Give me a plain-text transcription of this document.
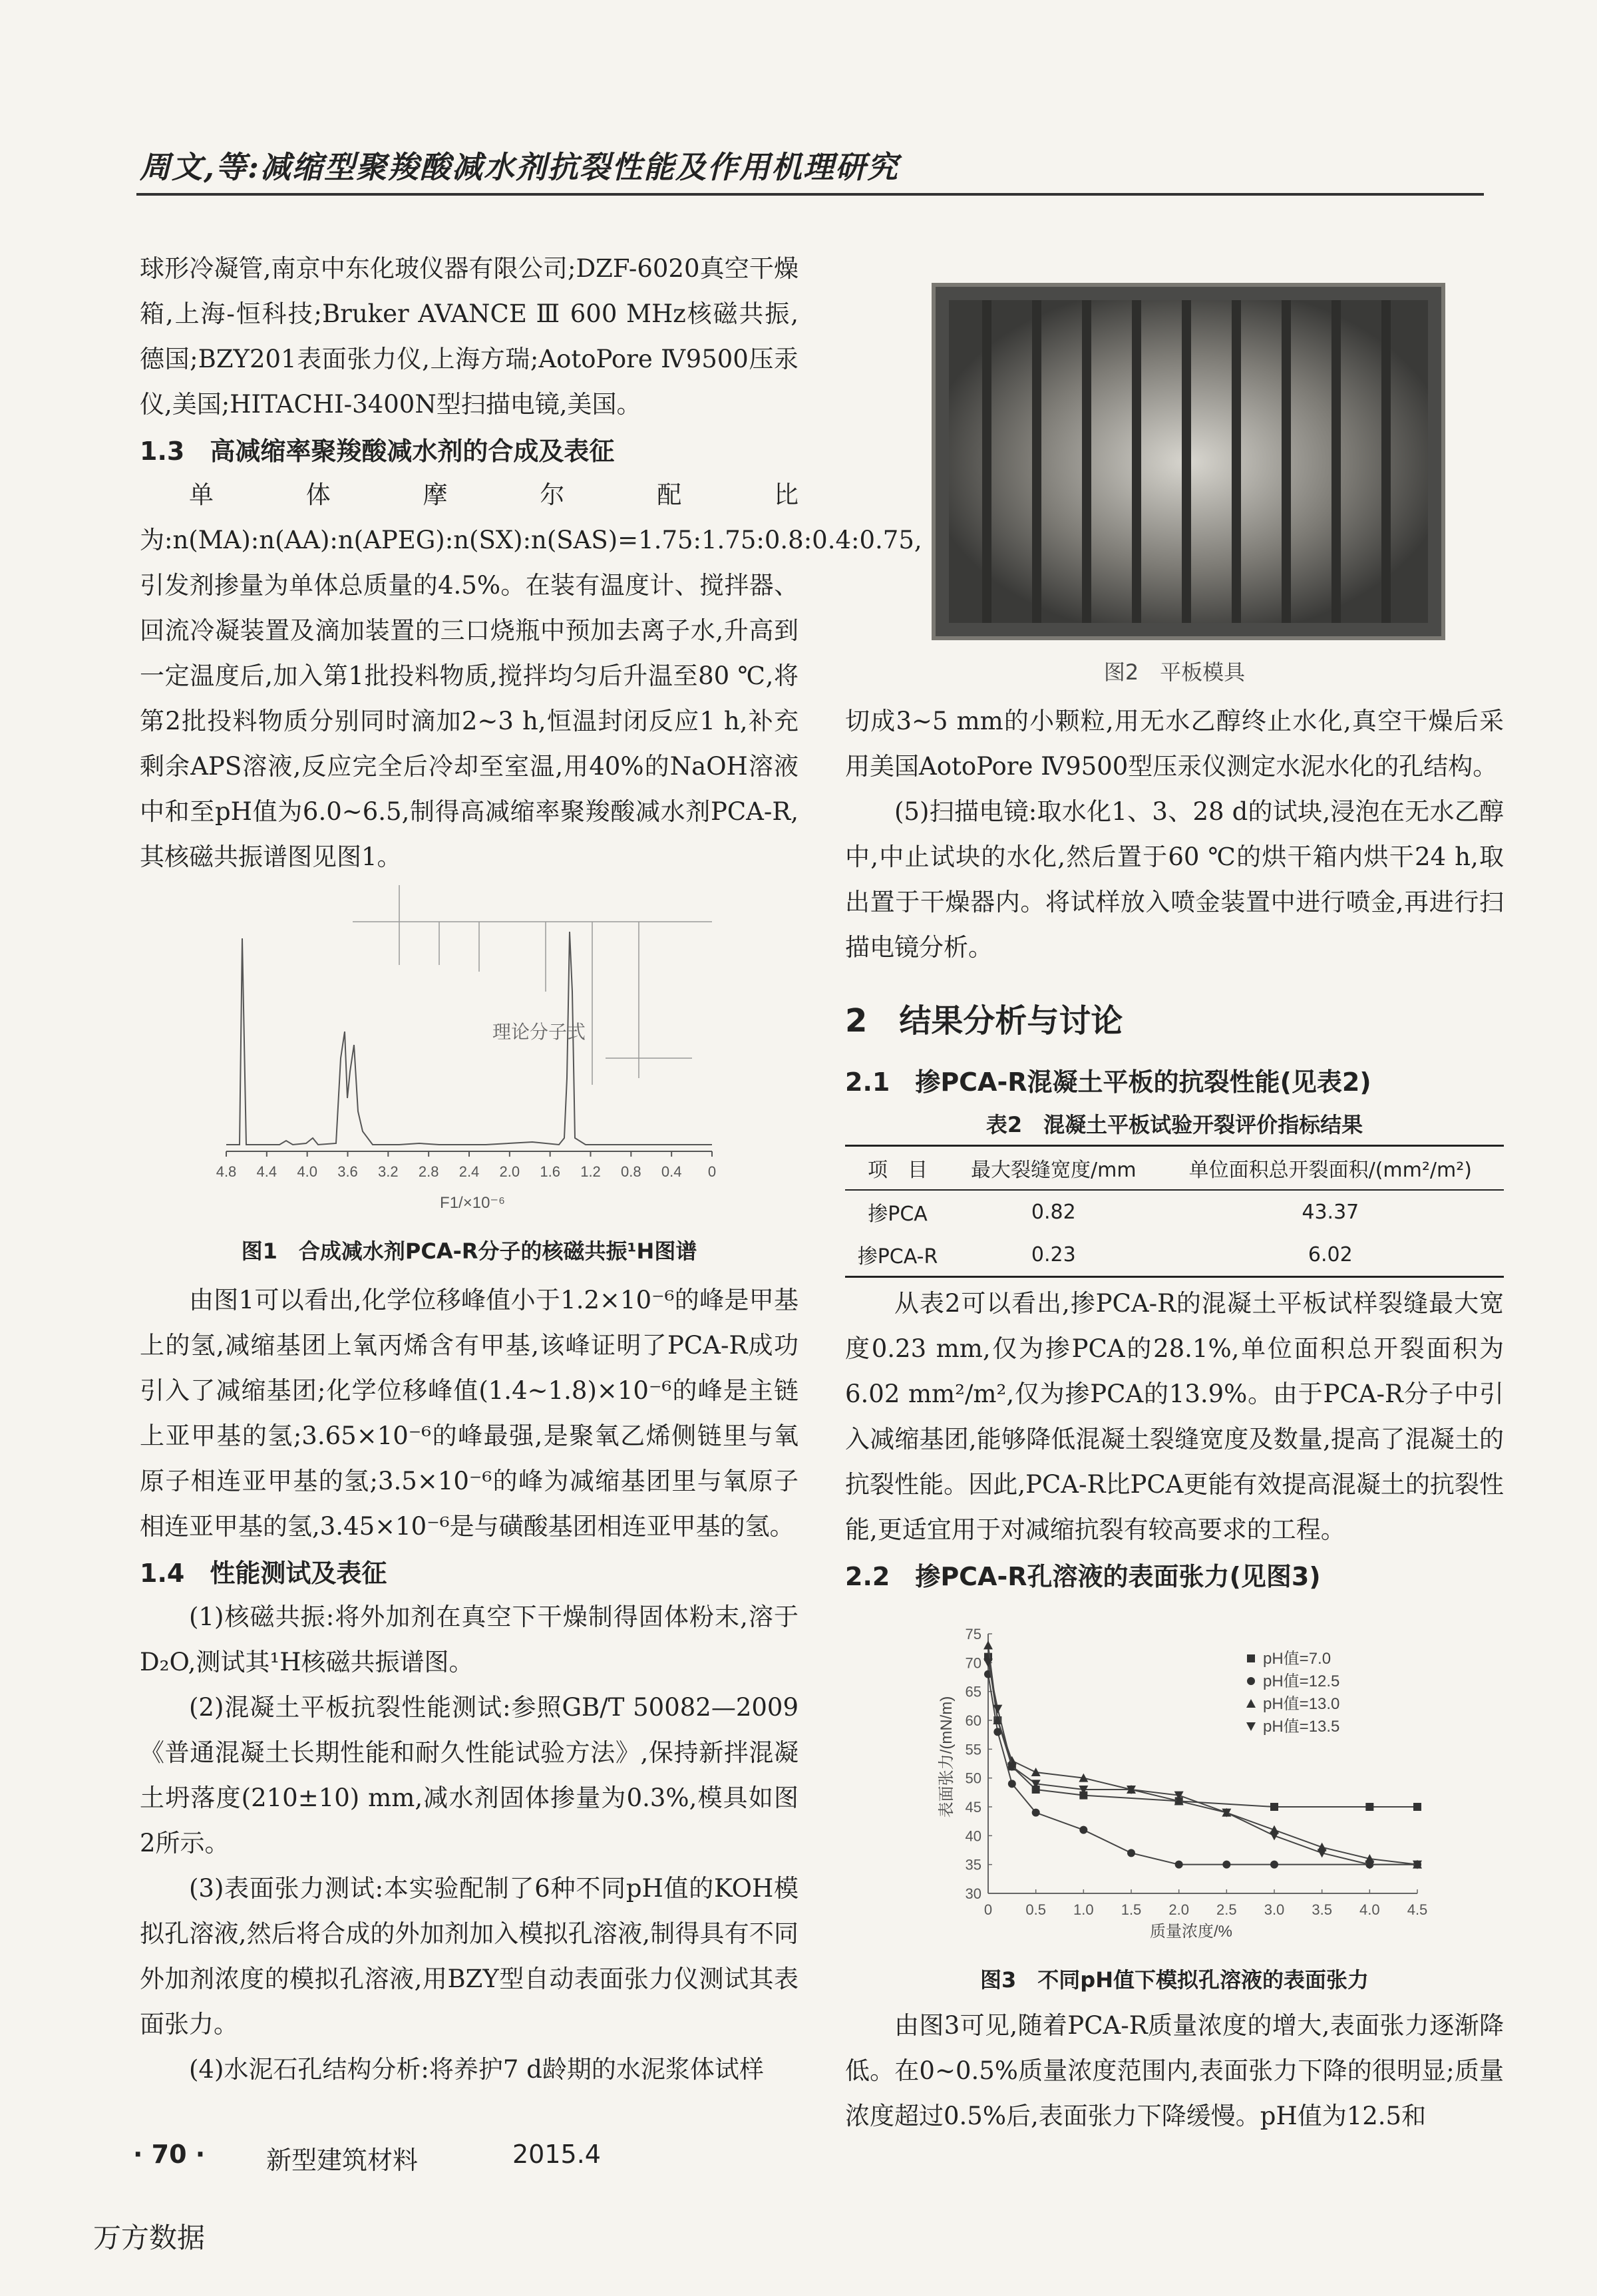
周文,等:减缩型聚羧酸减水剂抗裂性能及作用机理研究

球形冷凝管,南京中东化玻仪器有限公司;DZF-6020真空干燥箱,上海-恒科技;Bruker AVANCE Ⅲ 600 MHz核磁共振,德国;BZY201表面张力仪,上海方瑞;AotoPore Ⅳ9500压汞仪,美国;HITACHI-3400N型扫描电镜,美国。

1.3　高减缩率聚羧酸减水剂的合成及表征

单体摩尔配比为:n(MA):n(AA):n(APEG):n(SX):n(SAS)=1.75:1.75:0.8:0.4:0.75,引发剂掺量为单体总质量的4.5%。在装有温度计、搅拌器、回流冷凝装置及滴加装置的三口烧瓶中预加去离子水,升高到一定温度后,加入第1批投料物质,搅拌均匀后升温至80 ℃,将第2批投料物质分别同时滴加2~3 h,恒温封闭反应1 h,补充剩余APS溶液,反应完全后冷却至室温,用40%的NaOH溶液中和至pH值为6.0~6.5,制得高减缩率聚羧酸减水剂PCA-R,其核磁共振谱图见图1。

4.8 4.4 4.0 3.6 3.2 2.8 2.4 2.0 1.6 1.2 0.8 0.4 0
理论分子式
F1/×10⁻⁶
图1　合成减水剂PCA-R分子的核磁共振¹H图谱

由图1可以看出,化学位移峰值小于1.2×10⁻⁶的峰是甲基上的氢,减缩基团上氧丙烯含有甲基,该峰证明了PCA-R成功引入了减缩基团;化学位移峰值(1.4~1.8)×10⁻⁶的峰是主链上亚甲基的氢;3.65×10⁻⁶的峰最强,是聚氧乙烯侧链里与氧原子相连亚甲基的氢;3.5×10⁻⁶的峰为减缩基团里与氧原子相连亚甲基的氢,3.45×10⁻⁶是与磺酸基团相连亚甲基的氢。

1.4　性能测试及表征

(1)核磁共振:将外加剂在真空下干燥制得固体粉末,溶于D₂O,测试其¹H核磁共振谱图。

(2)混凝土平板抗裂性能测试:参照GB/T 50082—2009《普通混凝土长期性能和耐久性能试验方法》,保持新拌混凝土坍落度(210±10) mm,减水剂固体掺量为0.3%,模具如图2所示。

(3)表面张力测试:本实验配制了6种不同pH值的KOH模拟孔溶液,然后将合成的外加剂加入模拟孔溶液,制得具有不同外加剂浓度的模拟孔溶液,用BZY型自动表面张力仪测试其表面张力。

(4)水泥石孔结构分析:将养护7 d龄期的水泥浆体试样

图2　平板模具

切成3~5 mm的小颗粒,用无水乙醇终止水化,真空干燥后采用美国AotoPore Ⅳ9500型压汞仪测定水泥水化的孔结构。

(5)扫描电镜:取水化1、3、28 d的试块,浸泡在无水乙醇中,中止试块的水化,然后置于60 ℃的烘干箱内烘干24 h,取出置于干燥器内。将试样放入喷金装置中进行喷金,再进行扫描电镜分析。

2　结果分析与讨论
2.1　掺PCA-R混凝土平板的抗裂性能(见表2)
表2　混凝土平板试验开裂评价指标结果
项　目	最大裂缝宽度/mm	单位面积总开裂面积/(mm²/m²)
掺PCA	0.82	43.37
掺PCA-R	0.23	6.02

从表2可以看出,掺PCA-R的混凝土平板试样裂缝最大宽度0.23 mm,仅为掺PCA的28.1%,单位面积总开裂面积为6.02 mm²/m²,仅为掺PCA的13.9%。由于PCA-R分子中引入减缩基团,能够降低混凝土裂缝宽度及数量,提高了混凝土的抗裂性能。因此,PCA-R比PCA更能有效提高混凝土的抗裂性能,更适宜用于对减缩抗裂有较高要求的工程。

2.2　掺PCA-R孔溶液的表面张力(见图3)

表面张力/(mN/m)
质量浓度/%
0 0.5 1.0 1.5 2.0 2.5 3.0 3.5 4.0 4.5
30
35
40
45
50
55
60
65
70
75
pH值=7.0
pH值=12.5
pH值=13.0
pH值=13.5
图3　不同pH值下模拟孔溶液的表面张力

由图3可见,随着PCA-R质量浓度的增大,表面张力逐渐降低。在0~0.5%质量浓度范围内,表面张力下降的很明显;质量浓度超过0.5%后,表面张力下降缓慢。pH值为12.5和

· 70 · 新型建筑材料	2015.4
万方数据
